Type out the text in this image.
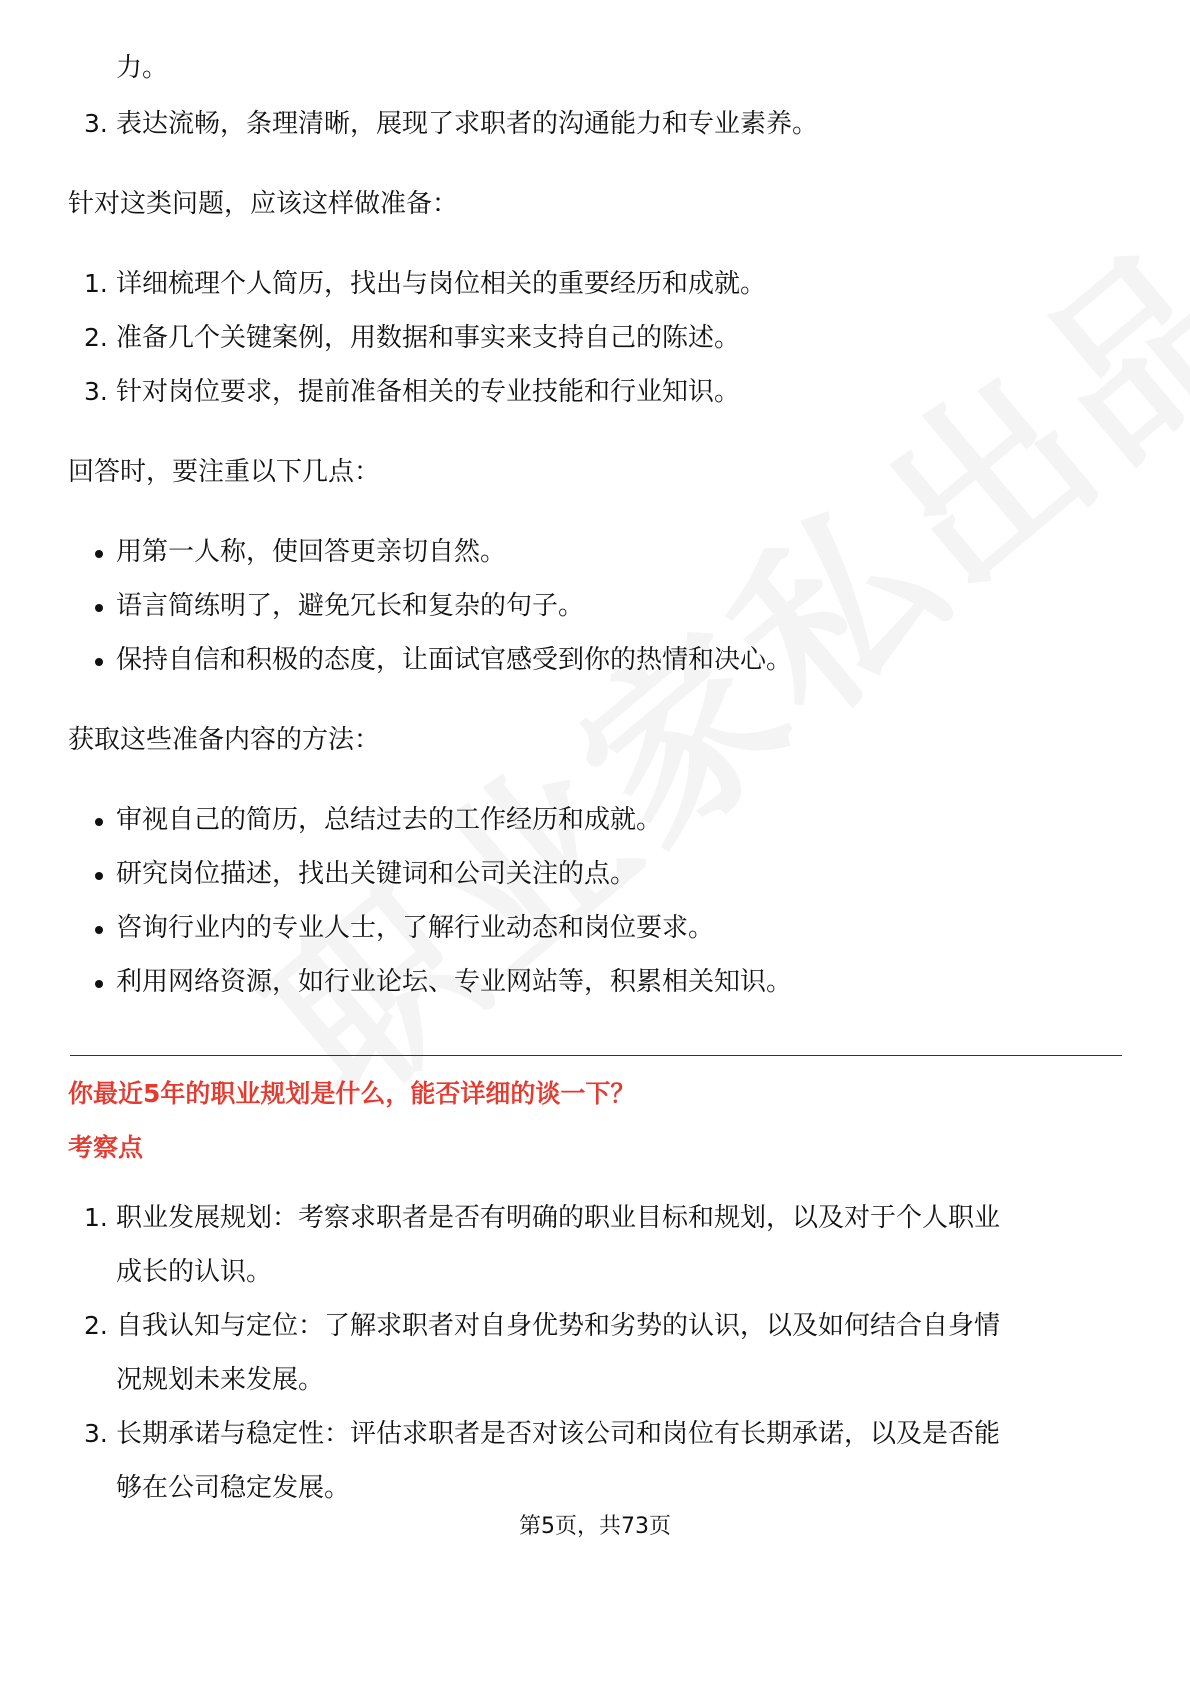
力。
3. 表达流畅，条理清晰，展现了求职者的沟通能力和专业素养。
针对这类问题，应该这样做准备：
1. 详细梳理个人简历，找出与岗位相关的重要经历和成就。
2. 准备几个关键案例，用数据和事实来支持自己的陈述。
3. 针对岗位要求，提前准备相关的专业技能和行业知识。
回答时，要注重以下几点：
用第一人称，使回答更亲切自然。
语言简练明了，避免冗长和复杂的句子。
保持自信和积极的态度，让面试官感受到你的热情和决心。
获取这些准备内容的方法：
审视自己的简历，总结过去的工作经历和成就。
研究岗位描述，找出关键词和公司关注的点。
咨询行业内的专业人士，了解行业动态和岗位要求。
利用网络资源，如行业论坛、专业网站等，积累相关知识。
你最近5年的职业规划是什么，能否详细的谈一下？
考察点
1. 职业发展规划：考察求职者是否有明确的职业目标和规划，以及对于个人职业
成长的认识。
2. 自我认知与定位：了解求职者对自身优势和劣势的认识，以及如何结合自身情
况规划未来发展。
3. 长期承诺与稳定性：评估求职者是否对该公司和岗位有长期承诺，以及是否能
够在公司稳定发展。
第5页，共73页
